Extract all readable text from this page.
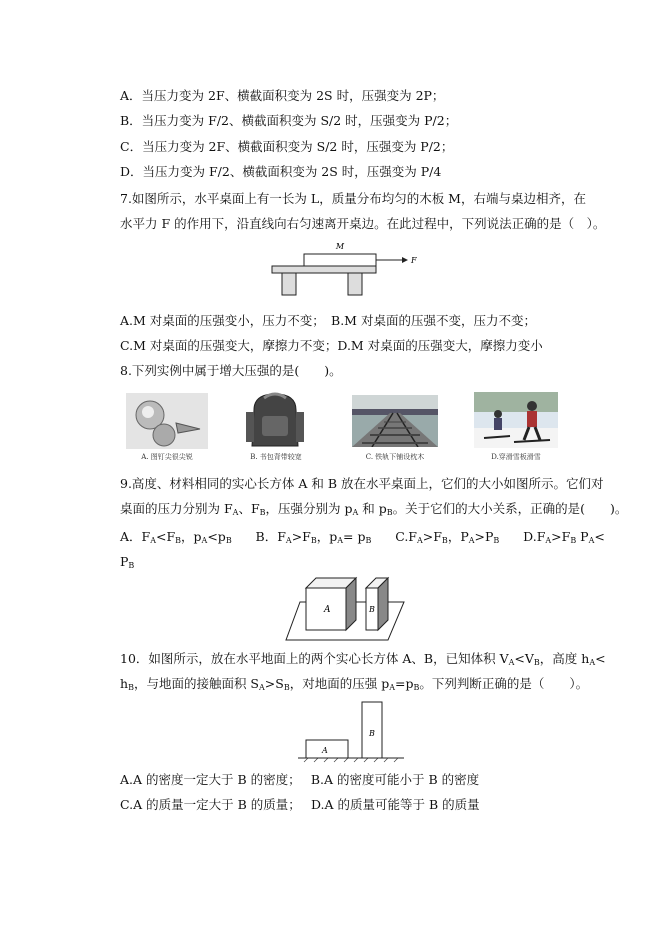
A．当压力变为 2F、横截面积变为 2S 时，压强变为 2P；
B．当压力变为 F/2、横截面积变为 S/2 时，压强变为 P/2；
C．当压力变为 2F、横截面积变为 S/2 时，压强变为 P/2；
D．当压力变为 F/2、横截面积变为 2S 时，压强变为 P/4
7.如图所示，水平桌面上有一长为 L，质量分布均匀的木板 M，右端与桌边相齐，在
水平力 F 的作用下，沿直线向右匀速离开桌边。在此过程中，下列说法正确的是（　）。
M
F
A.M 对桌面的压强变小，压力不变；　B.M 对桌面的压强不变，压力不变；
C.M 对桌面的压强变大，摩擦力不变；D.M 对桌面的压强变大，摩擦力变小
8.下列实例中属于增大压强的是(　　)。
A. 图钉尖很尖锐	B. 书包背带较宽	C. 铁轨下铺设枕木	D.穿滑雪板滑雪
9.高度、材料相同的实心长方体 A 和 B 放在水平桌面上，它们的大小如图所示。它们对
桌面的压力分别为 $F_A$、$F_B$，压强分别为 $p_A$ 和 $p_B$。关于它们的大小关系，正确的是(　　)。
A．$F_A<F_B$，$p_A<p_B$ B．$F_A>F_B$，$p_A= p_B$ $C.F_A>F_B$，$P_A>P_B$ $D.F_A>F_B$ $P_A<$
$P_B$
A	B
10．如图所示，放在水平地面上的两个实心长方体 A、B，已知体积 $V_A<V_B$，高度 $h_A<$
$h_B$，与地面的接触面积 $S_A>S_B$，对地面的压强 $p_A=p_B$。下列判断正确的是（　　）。
A
B
A.A 的密度一定大于 B 的密度；　 B.A 的密度可能小于 B 的密度
C.A 的质量一定大于 B 的质量；　 D.A 的质量可能等于 B 的质量
